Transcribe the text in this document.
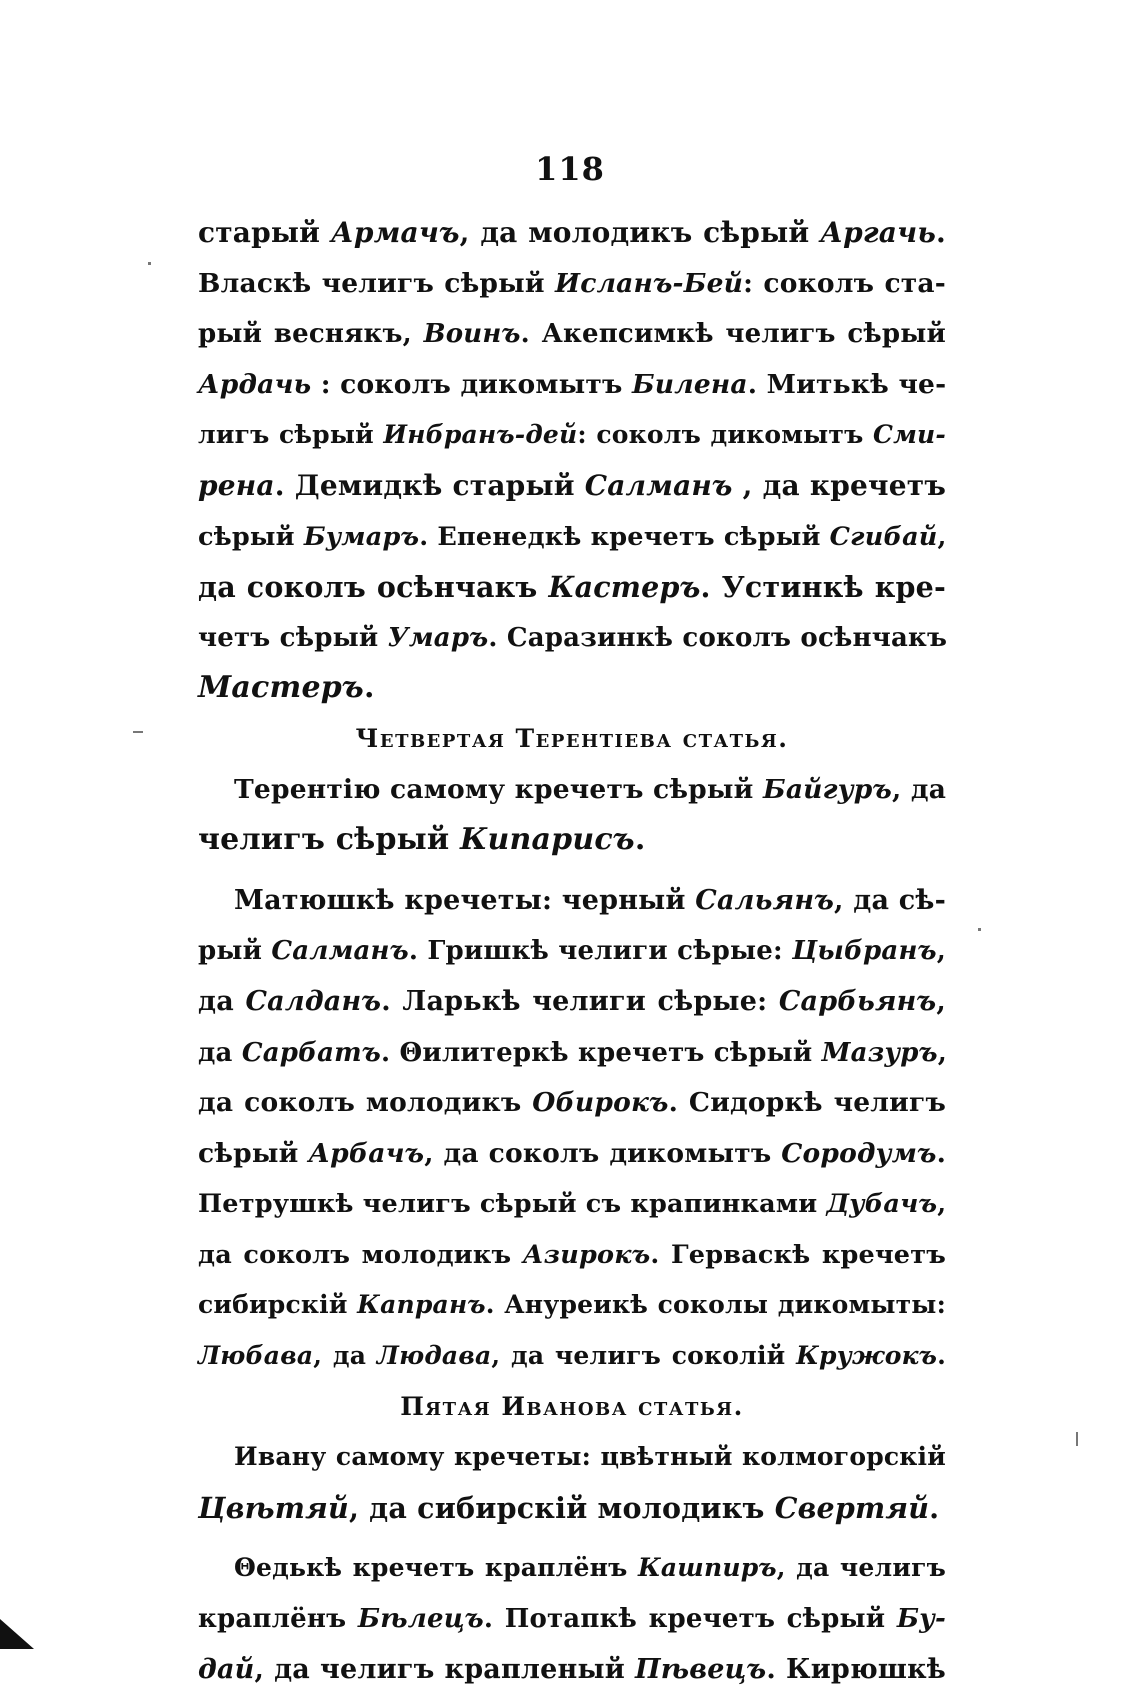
118
старый Армачъ, да молодикъ сѣрый Аргачь.
Власкѣ челигъ сѣрый Исланъ-Бей: соколъ ста-
рый веснякъ, Воинъ. Акепсимкѣ челигъ сѣрый
Ардачь : соколъ дикомытъ Билена. Митькѣ че-
лигъ сѣрый Инбранъ-дей: соколъ дикомытъ Сми-
рена. Демидкѣ старый Салманъ , да кречетъ
сѣрый Бумаръ. Епенедкѣ кречетъ сѣрый Сгибай,
да соколъ осѣнчакъ Кастеръ. Устинкѣ кре-
четъ сѣрый Умаръ. Саразинкѣ соколъ осѣнчакъ
Мастеръ.
Четвертая Терентіева статья.
Терентію самому кречетъ сѣрый Байгуръ, да
челигъ сѣрый Кипарисъ.
Матюшкѣ кречеты: черный Сальянъ, да сѣ-
рый Салманъ. Гришкѣ челиги сѣрые: Цыбранъ,
да Салданъ. Ларькѣ челиги сѣрые: Сарбьянъ,
да Сарбатъ. Θилитеркѣ кречетъ сѣрый Мазуръ,
да соколъ молодикъ Обирокъ. Сидоркѣ челигъ
сѣрый Арбачъ, да соколъ дикомытъ Сородумъ.
Петрушкѣ челигъ сѣрый съ крапинками Дубачъ,
да соколъ молодикъ Азирокъ. Герваскѣ кречетъ
сибирскій Капранъ. Ануреикѣ соколы дикомыты:
Любава, да Людава, да челигъ соколій Кружокъ.
Пятая Иванова статья.
Ивану самому кречеты: цвѣтный колмогорскій
Цвѣтяй, да сибирскій молодикъ Свертяй.
Θедькѣ кречетъ краплёнъ Кашпиръ, да челигъ
краплёнъ Бѣлецъ. Потапкѣ кречетъ сѣрый Бу-
дай, да челигъ крапленый Пѣвецъ. Кирюшкѣ
